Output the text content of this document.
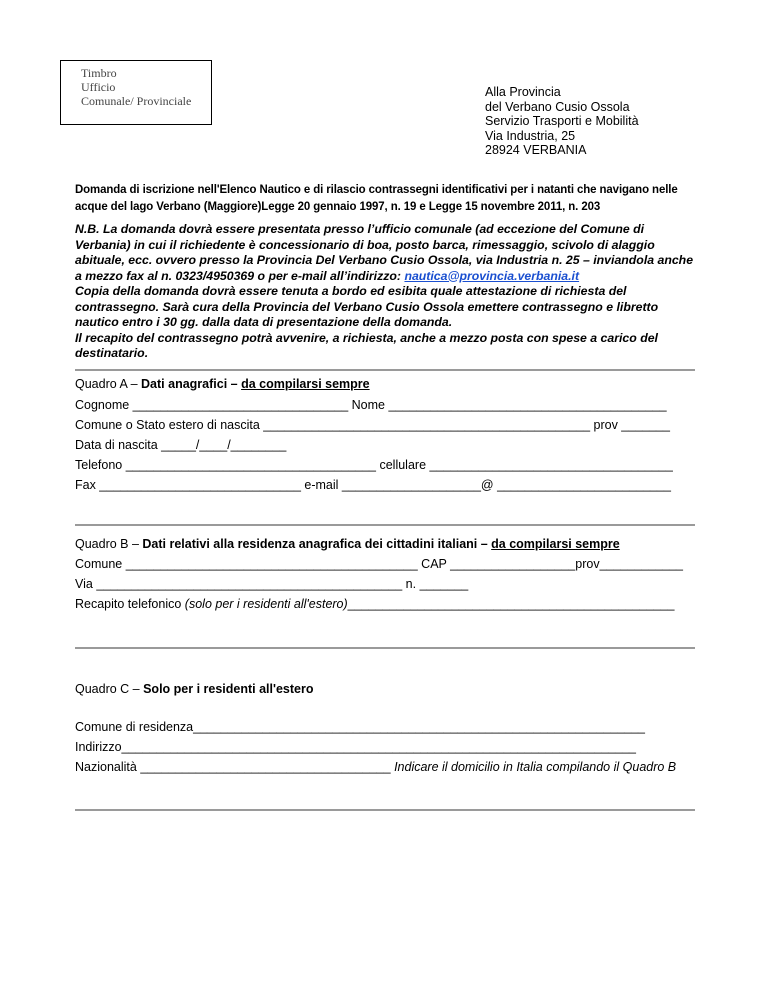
Timbro
Ufficio
Comunale/ Provinciale
Alla Provincia
del Verbano Cusio Ossola
Servizio Trasporti e Mobilità
Via Industria, 25
28924 VERBANIA
Domanda di iscrizione nell'Elenco Nautico e di rilascio contrassegni identificativi per i natanti che navigano nelle acque del lago Verbano (Maggiore)Legge 20 gennaio 1997, n. 19 e Legge 15 novembre 2011, n. 203
N.B. La domanda dovrà essere presentata presso l’ufficio comunale (ad eccezione del Comune di Verbania) in cui il richiedente è concessionario di boa, posto barca, rimessaggio, scivolo di alaggio abituale, ecc. ovvero presso la Provincia Del Verbano Cusio Ossola, via Industria n. 25 – inviandola anche a mezzo fax al n. 0323/4950369 o per e-mail all’indirizzo: nautica@provincia.verbania.it
Copia della domanda dovrà essere tenuta a bordo ed esibita quale attestazione di richiesta del contrassegno. Sarà cura della Provincia del Verbano Cusio Ossola emettere contrassegno e libretto nautico entro i 30 gg. dalla data di presentazione della domanda.
Il recapito del contrassegno potrà avvenire, a richiesta, anche a mezzo posta con spese a carico del destinatario.
Quadro A – Dati anagrafici – da compilarsi sempre
Cognome _______________________________ Nome ________________________________________
Comune o Stato estero di nascita _______________________________________________ prov _______
Data di nascita _____/____/________
Telefono ____________________________________ cellulare ___________________________________
Fax _____________________________ e-mail ____________________@ _________________________
Quadro B – Dati relativi alla residenza anagrafica dei cittadini italiani – da compilarsi sempre
Comune __________________________________________ CAP __________________prov____________
Via ____________________________________________ n. _______
Recapito telefonico (solo per i residenti all'estero)_______________________________________________
Quadro C – Solo per i residenti all'estero
Comune di residenza_________________________________________________________________
Indirizzo__________________________________________________________________________
Nazionalità ____________________________________ Indicare il domicilio in Italia compilando il Quadro B
